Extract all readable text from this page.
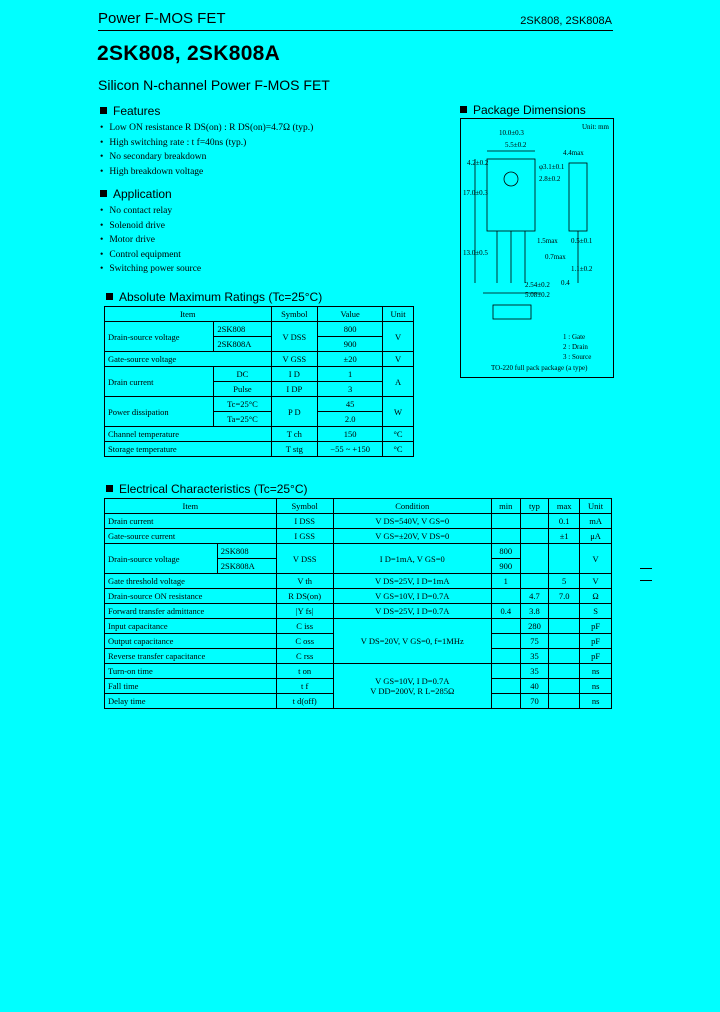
Power F-MOS FET	2SK808, 2SK808A
2SK808, 2SK808A
Silicon N-channel Power F-MOS FET
Features
• Low ON resistance R DS(on) : R DS(on)=4.7Ω (typ.)
• High switching rate : t f=40ns (typ.)
• No secondary breakdown
• High breakdown voltage
Application
• No contact relay
• Solenoid drive
• Motor drive
• Control equipment
• Switching power source
Package Dimensions
Unit: mm
10.0±0.3
5.5±0.2
4.2±0.2	φ3.1±0.1
2.8±0.2
4.4max
17.0±0.3
13.0±0.5
1.5max
0.7max
2.54±0.2
5.08±0.2
0.5±0.1
1.1±0.2
0.4
1 : Gate
2 : Drain
3 : Source
TO-220 full pack package (a type)
Absolute Maximum Ratings (Tc=25°C)
Item		Symbol	Value	Unit
Drain-source voltage	2SK808	V DSS	800	V
	2SK808A		900	
Gate-source voltage		V GSS	±20	V
Drain current	DC	I D	1	A
	Pulse	I DP	3	
Power dissipation	Tc=25°C	P D	45	W
	Ta=25°C		2.0	
Channel temperature		T ch	150	°C
Storage temperature		T stg	−55 ~ +150	°C
Electrical Characteristics (Tc=25°C)
Item		Symbol	Condition	min	typ	max	Unit
Drain current		I DSS	V DS=540V, V GS=0			0.1	mA
Gate-source current		I GSS	V GS=±20V, V DS=0			±1	μA
Drain-source voltage	2SK808	V DSS	I D=1mA, V GS=0	800			V
	2SK808A			900			
Gate threshold voltage		V th	V DS=25V, I D=1mA	1		5	V
Drain-source ON resistance		R DS(on)	V GS=10V, I D=0.7A		4.7	7.0	Ω
Forward transfer admittance		|Y fs|	V DS=25V, I D=0.7A	0.4	3.8		S
Input capacitance		C iss	V DS=20V, V GS=0, f=1MHz		280		pF
Output capacitance		C oss			75		pF
Reverse transfer capacitance		C rss			35		pF
Turn-on time		t on	V GS=10V, I D=0.7A
V DD=200V, R L=285Ω		35		ns
Fall time		t f			40		ns
Delay time		t d(off)			70		ns
